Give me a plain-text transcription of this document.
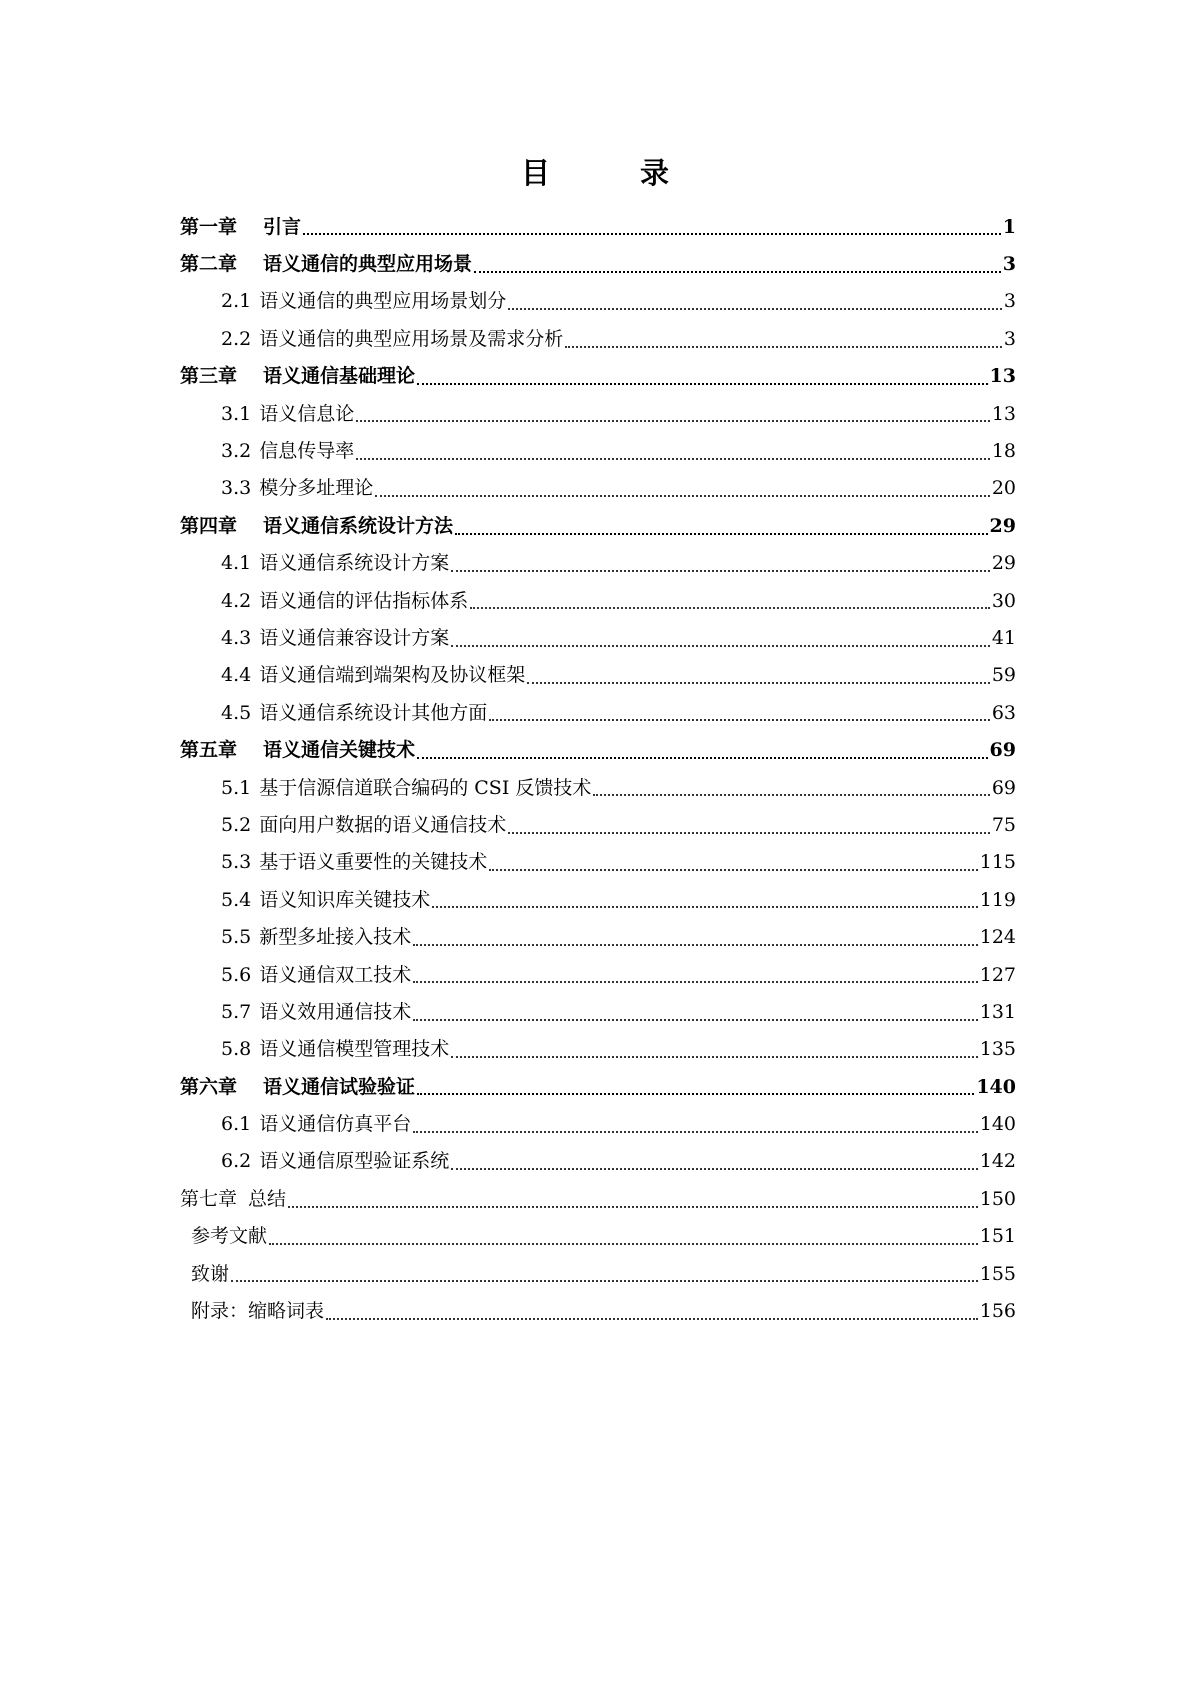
目 录
第一章 引言	1
第二章 语义通信的典型应用场景	3
2.1 语义通信的典型应用场景划分	3
2.2 语义通信的典型应用场景及需求分析	3
第三章 语义通信基础理论	13
3.1 语义信息论	13
3.2 信息传导率	18
3.3 模分多址理论	20
第四章 语义通信系统设计方法	29
4.1 语义通信系统设计方案	29
4.2 语义通信的评估指标体系	30
4.3 语义通信兼容设计方案	41
4.4 语义通信端到端架构及协议框架	59
4.5 语义通信系统设计其他方面	63
第五章 语义通信关键技术	69
5.1 基于信源信道联合编码的 CSI 反馈技术	69
5.2 面向用户数据的语义通信技术	75
5.3 基于语义重要性的关键技术	115
5.4 语义知识库关键技术	119
5.5 新型多址接入技术	124
5.6 语义通信双工技术	127
5.7 语义效用通信技术	131
5.8 语义通信模型管理技术	135
第六章 语义通信试验验证	140
6.1 语义通信仿真平台	140
6.2 语义通信原型验证系统	142
第七章 总结	150
参考文献	151
致谢	155
附录：缩略词表	156
